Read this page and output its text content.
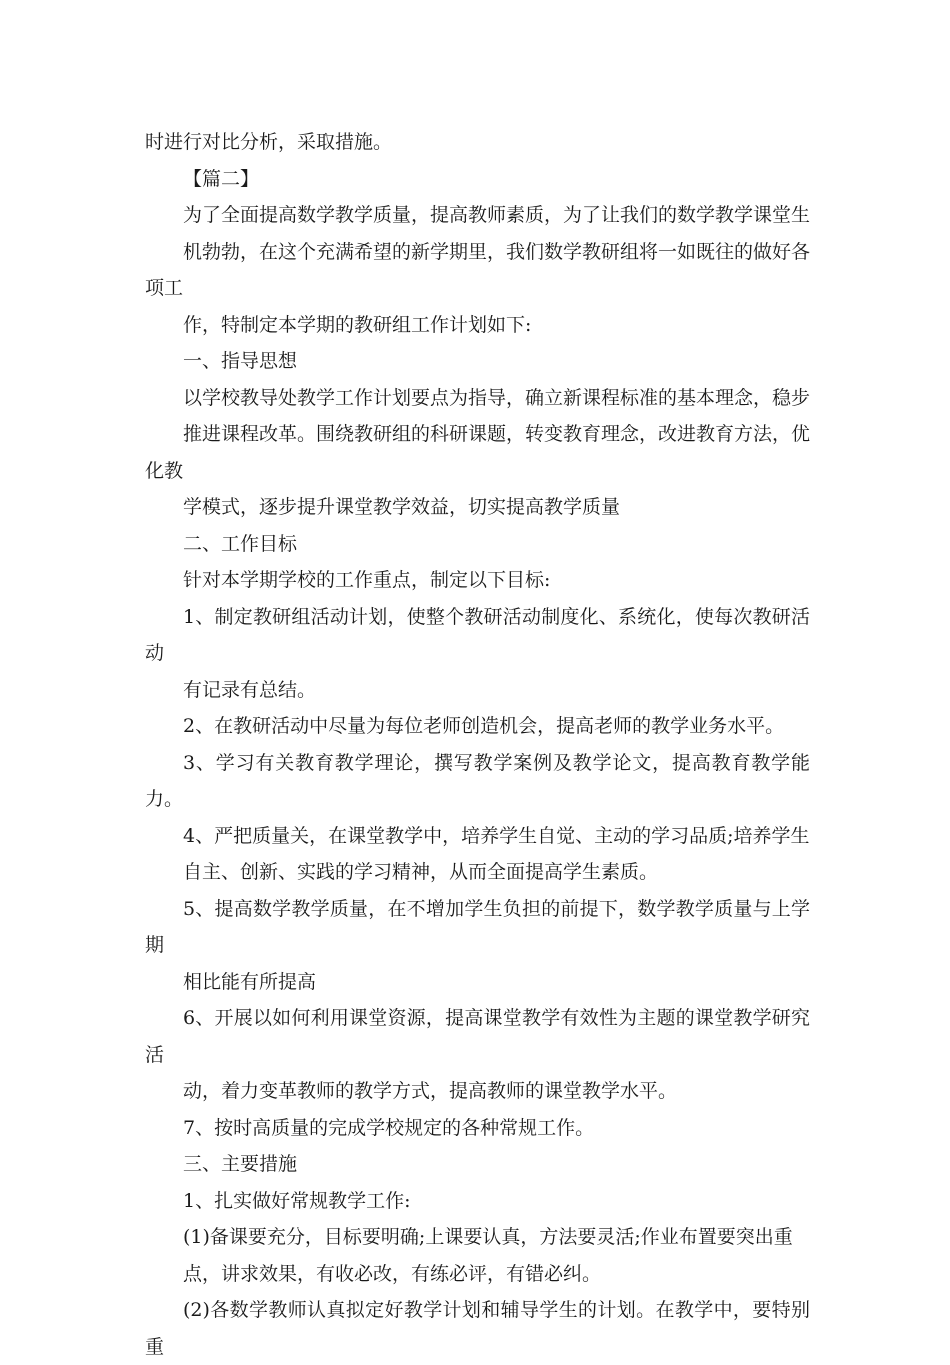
时进行对比分析，采取措施。

【篇二】

为了全面提高数学教学质量，提高教师素质，为了让我们的数学教学课堂生
机勃勃，在这个充满希望的新学期里，我们数学教研组将一如既往的做好各项工
作，特制定本学期的教研组工作计划如下:

一、指导思想

以学校教导处教学工作计划要点为指导，确立新课程标准的基本理念，稳步
推进课程改革。围绕教研组的科研课题，转变教育理念，改进教育方法，优化教
学模式，逐步提升课堂教学效益，切实提高教学质量

二、工作目标

针对本学期学校的工作重点，制定以下目标:

1、制定教研组活动计划，使整个教研活动制度化、系统化，使每次教研活动
有记录有总结。

2、在教研活动中尽量为每位老师创造机会，提高老师的教学业务水平。

3、学习有关教育教学理论，撰写教学案例及教学论文，提高教育教学能力。

4、严把质量关，在课堂教学中，培养学生自觉、主动的学习品质;培养学生
自主、创新、实践的学习精神，从而全面提高学生素质。

5、提高数学教学质量，在不增加学生负担的前提下，数学教学质量与上学期
相比能有所提高

6、开展以如何利用课堂资源，提高课堂教学有效性为主题的课堂教学研究活
动，着力变革教师的教学方式，提高教师的课堂教学水平。

7、按时高质量的完成学校规定的各种常规工作。

三、主要措施

1、扎实做好常规教学工作:

(1)备课要充分，目标要明确;上课要认真，方法要灵活;作业布置要突出重
点，讲求效果，有收必改，有练必评，有错必纠。

(2)各数学教师认真拟定好教学计划和辅导学生的计划。在教学中，要特别重
